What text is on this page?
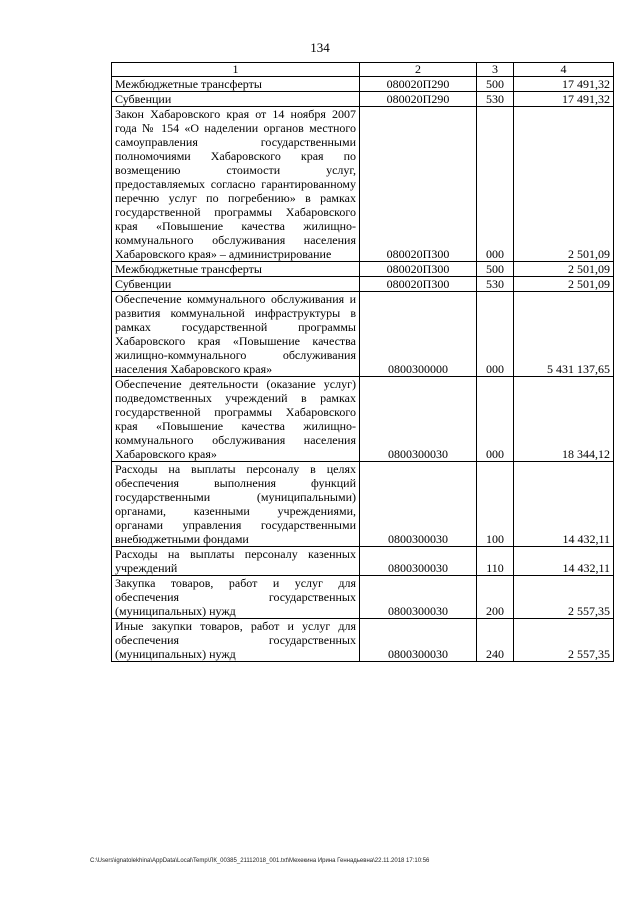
134
1	2	3	4
Межбюджетные трансферты	080020П290	500	17 491,32
Субвенции	080020П290	530	17 491,32
Закон Хабаровского края от 14 ноября 2007 года № 154 «О наделении органов местного самоуправления государственными полномочиями Хабаровского края по возмещению стоимости услуг, предоставляемых согласно гарантированному перечню услуг по погребению» в рамках государственной программы Хабаровского края «Повышение качества жилищно-коммунального обслуживания населения Хабаровского края» – администрирование	080020П300	000	2 501,09
Межбюджетные трансферты	080020П300	500	2 501,09
Субвенции	080020П300	530	2 501,09
Обеспечение коммунального обслуживания и развития коммунальной инфраструктуры в рамках государственной программы Хабаровского края «Повышение качества жилищно-коммунального обслуживания населения Хабаровского края»	0800300000	000	5 431 137,65
Обеспечение деятельности (оказание услуг) подведомственных учреждений в рамках государственной программы Хабаровского края «Повышение качества жилищно-коммунального обслуживания населения Хабаровского края»	0800300030	000	18 344,12
Расходы на выплаты персоналу в целях обеспечения выполнения функций государственными (муниципальными) органами, казенными учреждениями, органами управления государственными внебюджетными фондами	0800300030	100	14 432,11
Расходы на выплаты персоналу казенных учреждений	0800300030	110	14 432,11
Закупка товаров, работ и услуг для обеспечения государственных (муниципальных) нужд	0800300030	200	2 557,35
Иные закупки товаров, работ и услуг для обеспечения государственных (муниципальных) нужд	0800300030	240	2 557,35
C:\Users\ignatolekhina\AppData\Local\Temp\ЛК_00385_21112018_001.txt\Мехекина Ирина Геннадьевна\22.11.2018 17:10:56
